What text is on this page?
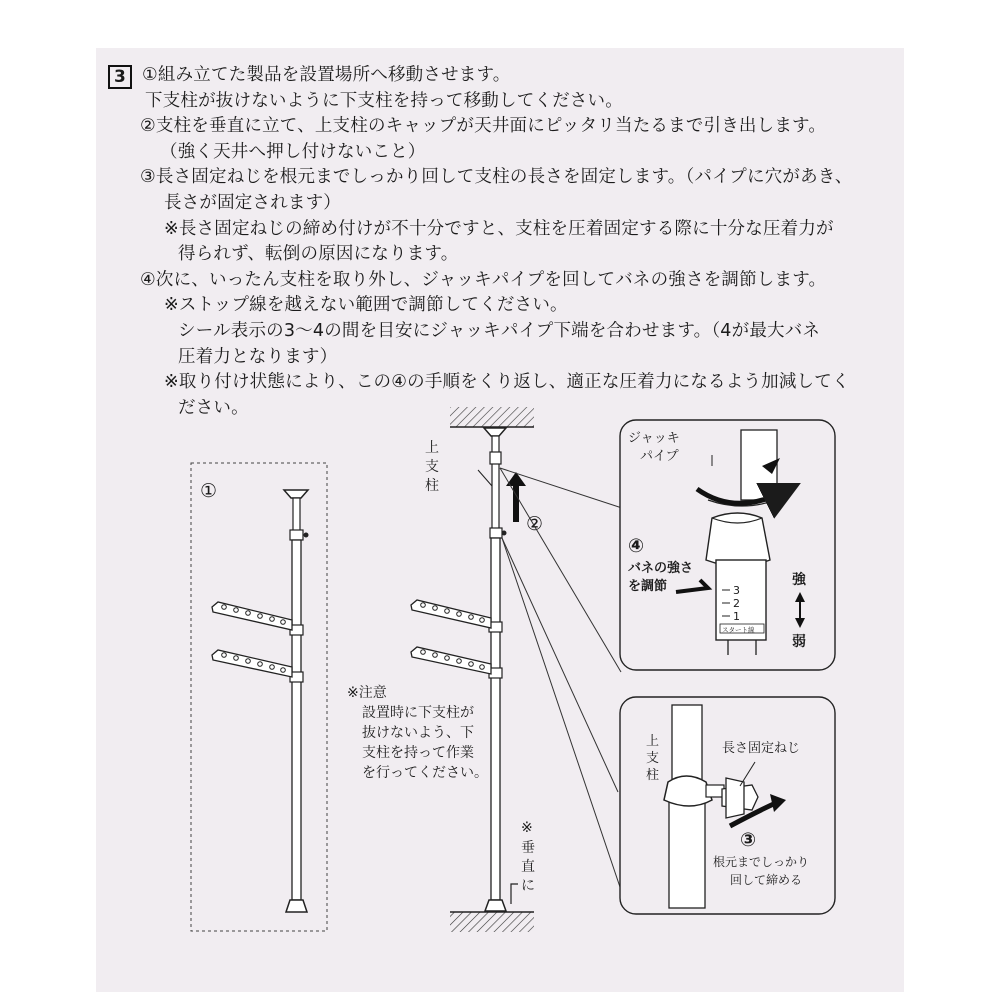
3 ①組み立てた製品を設置場所へ移動させます。
下支柱が抜けないように下支柱を持って移動してください。
②支柱を垂直に立て、上支柱のキャップが天井面にピッタリ当たるまで引き出します。
（強く天井へ押し付けないこと）
③長さ固定ねじを根元までしっかり回して支柱の長さを固定します。（パイプに穴があき、
長さが固定されます）
※長さ固定ねじの締め付けが不十分ですと、支柱を圧着固定する際に十分な圧着力が
得られず、転倒の原因になります。
④次に、いったん支柱を取り外し、ジャッキパイプを回してバネの強さを調節します。
※ストップ線を越えない範囲で調節してください。
シール表示の3〜4の間を目安にジャッキパイプ下端を合わせます。（4が最大バネ
圧着力となります）
※取り付け状態により、この④の手順をくり返し、適正な圧着力になるよう加減してく
ださい。
①
上
支
柱
②
※
垂
直
に
※注意
設置時に下支柱が
抜けないよう、下
支柱を持って作業
を行ってください。
ジャッキ
パイプ
④
バネの強さ
を調節	3
2
1
スタート線
強
弱
上
支
柱
長さ固定ねじ
③
根元までしっかり
回して締める
